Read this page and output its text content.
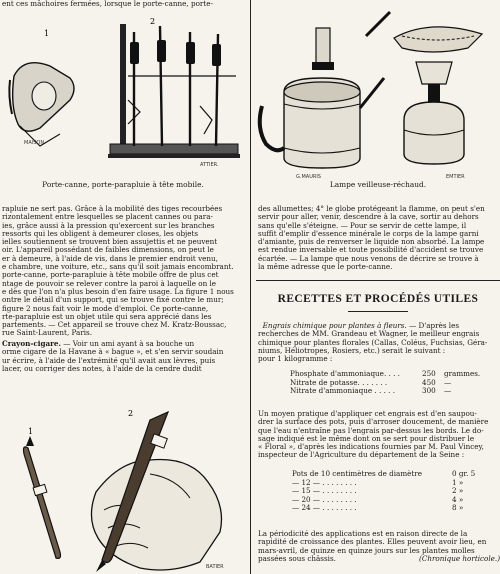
ent ces mâchoires fermées, lorsque le porte-canne, porte-

1
2
MAISON
ATTIER.
Porte-canne, porte-parapluie à tête mobile.

rapluie ne sert pas. Grâce à la mobilité des tiges recourbées
rizontalement entre lesquelles se placent cannes ou para-
ies, grâce aussi à la pression qu'exercent sur les branches
ressorts qui les obligent à demeurer closes, les objets
ielles soutiennent se trouvent bien assujettis et ne peuvent
oir. L'appareil possédant de faibles dimensions, on peut le
er à demeure, à l'aide de vis, dans le premier endroit venu,
e chambre, une voiture, etc., sans qu'il soit jamais encombrant.
porte-canne, porte-parapluie à tête mobile offre de plus cet
ntage de pouvoir se relever contre la paroi à laquelle on le
e dès que l'on n'a plus besoin d'en faire usage. La figure 1 nous
ontre le détail d'un support, qui se trouve fixé contre le mur;
figure 2 nous fait voir le mode d'emploi. Ce porte-canne,
rte-parapluie est un objet utile qui sera apprécié dans les
partements. — Cet appareil se trouve chez M. Kratz-Boussac,
rue Saint-Laurent, Paris.

Crayon-cigare. — Voir un ami ayant à sa bouche un
orme cigare de la Havane à « bague », et s'en servir soudain
ur écrire, à l'aide de l'extrémité qu'il avait aux lèvres, puis
lacer, ou corriger des notes, à l'aide de la cendre dudit

1
2
BATIER
G.MAURIS	EMTIER
Lampe veilleuse-réchaud.

des allumettes; 4° le globe protégeant la flamme, on peut s'en
servir pour aller, venir, descendre à la cave, sortir au dehors
sans qu'elle s'éteigne. — Pour se servir de cette lampe, il
suffit d'emplir d'essence minérale le corps de la lampe garni
d'amiante, puis de renverser le liquide non absorbé. La lampe
est rendue inversable et toute possibilité d'accident se trouve
écartée. — La lampe que nous venons de décrire se trouve à
la même adresse que le porte-canne.

RECETTES ET PROCÉDÉS UTILES

Engrais chimique pour plantes à fleurs. — D'après les
recherches de MM. Grandeau et Wagner, le meilleur engrais
chimique pour plantes florales (Callas, Coléus, Fuchsias, Géra-
niums, Héliotropes, Rosiers, etc.) serait le suivant :
pour 1 kilogramme :

Phosphate d'ammoniaque. . . .	250	grammes.
Nitrate de potasse. . . . . . .	450	—
Nitrate d'ammoniaque . . . . .	300	—

Un moyen pratique d'appliquer cet engrais est d'en saupou-
drer la surface des pots, puis d'arroser doucement, de manière
que l'eau n'entraîne pas l'engrais par-dessus les bords. Le do-
sage indiqué est le même dont on se sert pour distribuer le
« Floral », d'après les indications fournies par M. Paul Vincey,
inspecteur de l'Agriculture du département de la Seine :

Pots de 10 centimètres de diamètre	0 gr. 5
— 12 — . . . . . . . .	1 »
— 15 — . . . . . . . .	2 »
— 20 — . . . . . . . .	4 »
— 24 — . . . . . . . .	8 »

La périodicité des applications est en raison directe de la
rapidité de croissance des plantes. Elles peuvent avoir lieu, en
mars-avril, de quinze en quinze jours sur les plantes molles
passées sous châssis.	(Chronique horticole.)
